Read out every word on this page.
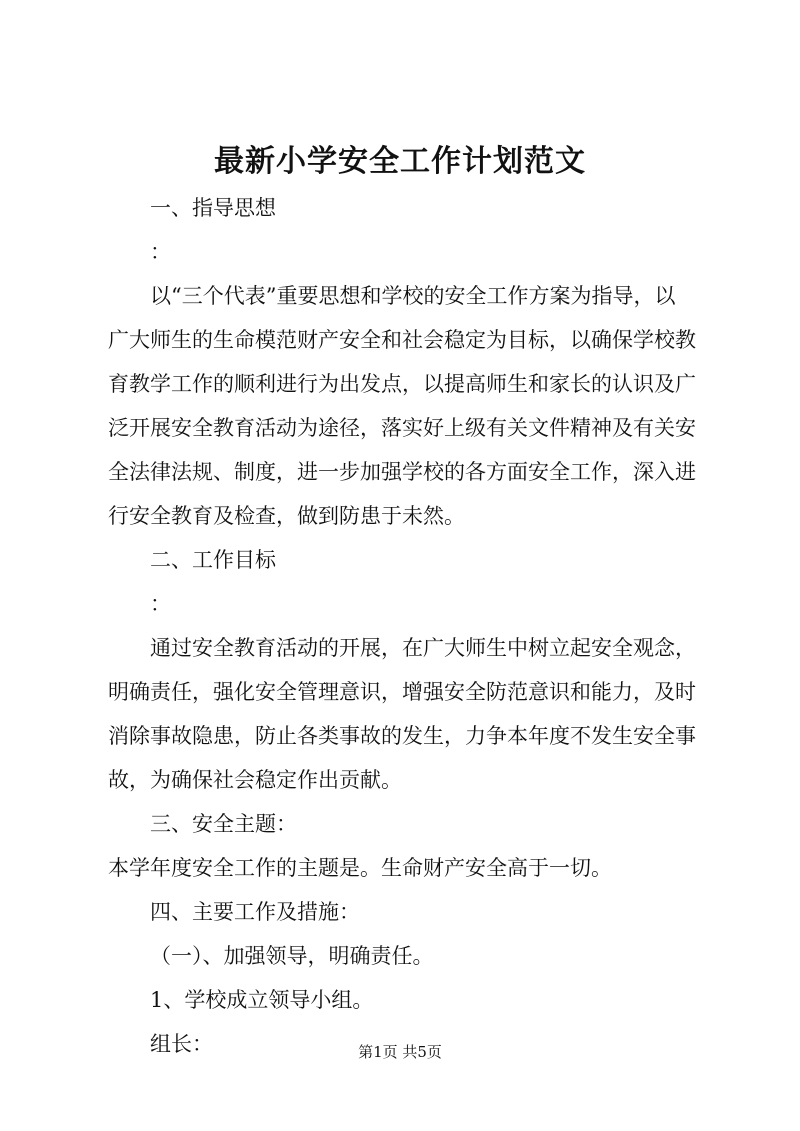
最新小学安全工作计划范文
一、指导思想
：
以“三个代表”重要思想和学校的安全工作方案为指导，以
广大师生的生命模范财产安全和社会稳定为目标，以确保学校教
育教学工作的顺利进行为出发点，以提高师生和家长的认识及广
泛开展安全教育活动为途径，落实好上级有关文件精神及有关安
全法律法规、制度，进一步加强学校的各方面安全工作，深入进
行安全教育及检查，做到防患于未然。
二、工作目标
：
通过安全教育活动的开展，在广大师生中树立起安全观念，
明确责任，强化安全管理意识，增强安全防范意识和能力，及时
消除事故隐患，防止各类事故的发生，力争本年度不发生安全事
故，为确保社会稳定作出贡献。
三、安全主题：
本学年度安全工作的主题是。生命财产安全高于一切。
四、主要工作及措施：
（一）、加强领导，明确责任。
1、学校成立领导小组。
组长：	第1页 共5页
